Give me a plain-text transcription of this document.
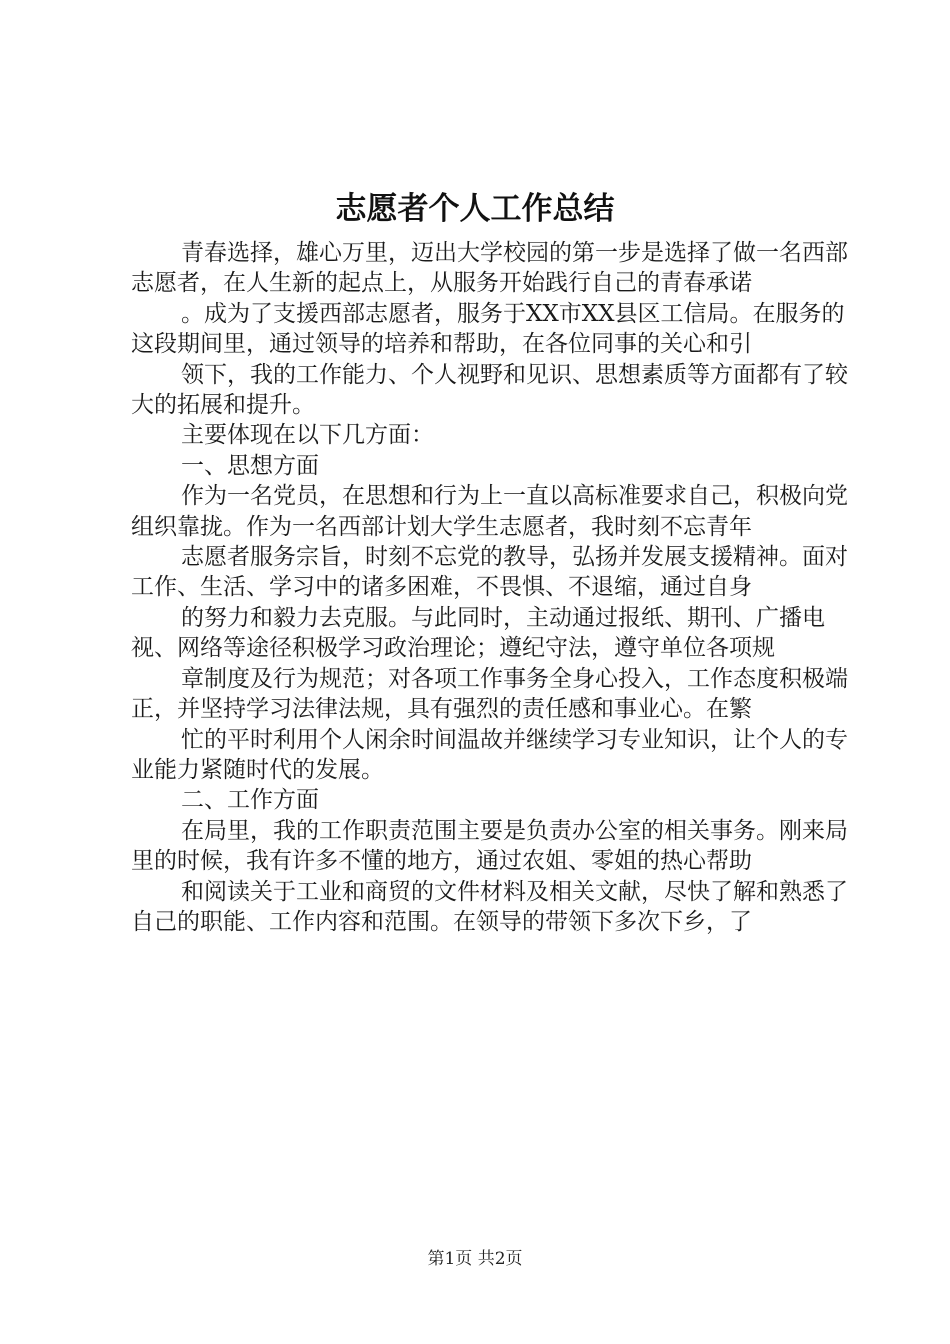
志愿者个人工作总结

青春选择，雄心万里，迈出大学校园的第一步是选择了做一名西部志愿者，在人生新的起点上，从服务开始践行自己的青春承诺

。成为了支援西部志愿者，服务于XX市XX县区工信局。在服务的这段期间里，通过领导的培养和帮助，在各位同事的关心和引

领下，我的工作能力、个人视野和见识、思想素质等方面都有了较大的拓展和提升。

主要体现在以下几方面：

一、思想方面

作为一名党员，在思想和行为上一直以高标准要求自己，积极向党组织靠拢。作为一名西部计划大学生志愿者，我时刻不忘青年

志愿者服务宗旨，时刻不忘党的教导，弘扬并发展支援精神。面对工作、生活、学习中的诸多困难，不畏惧、不退缩，通过自身

的努力和毅力去克服。与此同时，主动通过报纸、期刊、广播电视、网络等途径积极学习政治理论；遵纪守法，遵守单位各项规

章制度及行为规范；对各项工作事务全身心投入，工作态度积极端正，并坚持学习法律法规，具有强烈的责任感和事业心。在繁

忙的平时利用个人闲余时间温故并继续学习专业知识，让个人的专业能力紧随时代的发展。

二、工作方面

在局里，我的工作职责范围主要是负责办公室的相关事务。刚来局里的时候，我有许多不懂的地方，通过农姐、零姐的热心帮助

和阅读关于工业和商贸的文件材料及相关文献，尽快了解和熟悉了自己的职能、工作内容和范围。在领导的带领下多次下乡，了

第1页 共2页
